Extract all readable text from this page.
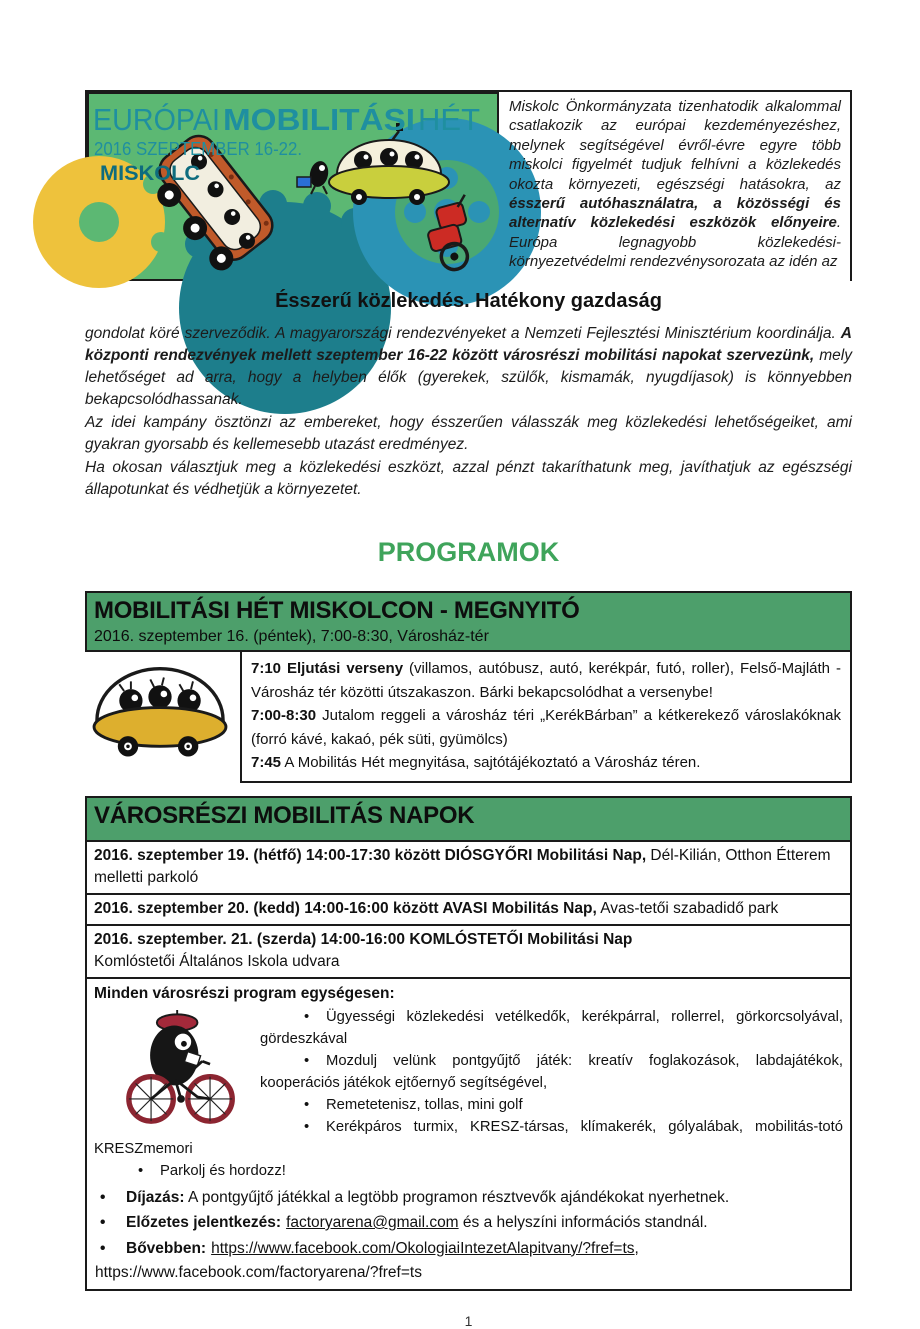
EURÓPAI MOBILITÁSI HÉT
2016 SZEPTEMBER 16-22.
MISKOLC
Miskolc Önkormányzata tizenhatodik alkalommal csatlakozik az európai kezdeményezéshez, melynek segítségével évről-évre egyre több miskolci figyelmét tudjuk felhívni a közlekedés okozta környezeti, egészségi hatásokra, az ésszerű autóhasználatra, a közösségi és alternatív közlekedési eszközök előnyeire. Európa legnagyobb közlekedési-környezetvédelmi rendezvénysorozata az idén az
Ésszerű közlekedés. Hatékony gazdaság
gondolat köré szerveződik. A magyarországi rendezvényeket a Nemzeti Fejlesztési Minisztérium koordinálja. A központi rendezvények mellett szeptember 16-22 között városrészi mobilitási napokat szervezünk, mely lehetőséget ad arra, hogy a helyben élők (gyerekek, szülők, kismamák, nyugdíjasok) is könnyebben bekapcsolódhassanak.
Az idei kampány ösztönzi az embereket, hogy ésszerűen válasszák meg közlekedési lehetőségeiket, ami gyakran gyorsabb és kellemesebb utazást eredményez.
Ha okosan választjuk meg a közlekedési eszközt, azzal pénzt takaríthatunk meg, javíthatjuk az egészségi állapotunkat és védhetjük a környezetet.
PROGRAMOK
MOBILITÁSI HÉT MISKOLCON - MEGNYITÓ
2016. szeptember 16. (péntek), 7:00-8:30, Városház-tér

7:10 Eljutási verseny (villamos, autóbusz, autó, kerékpár, futó, roller), Felső-Majláth - Városház tér közötti útszakaszon. Bárki bekapcsolódhat a versenybe!

7:00-8:30 Jutalom reggeli a városház téri „KerékBárban” a kétkerekező városlakóknak (forró kávé, kakaó, pék süti, gyümölcs)

7:45 A Mobilitás Hét megnyitása, sajtótájékoztató a Városház téren.

VÁROSRÉSZI MOBILITÁS NAPOK
2016. szeptember 19. (hétfő) 14:00-17:30 között DIÓSGYŐRI Mobilitási Nap, Dél-Kilián, Otthon Étterem melletti parkoló
2016. szeptember 20. (kedd) 14:00-16:00 között AVASI Mobilitás Nap, Avas-tetői szabadidő park
2016. szeptember. 21. (szerda) 14:00-16:00 KOMLÓSTETŐI Mobilitási Nap
Komlóstetői Általános Iskola udvara
Minden városrészi program egységesen:
• Ügyességi közlekedési vetélkedők, kerékpárral, rollerrel, görkorcsolyával, gördeszkával
• Mozdulj velünk pontgyűjtő játék: kreatív foglakozások, labdajátékok, kooperációs játékok ejtőernyő segítségével,
• Remetetenisz, tollas, mini golf
• Kerékpáros turmix, KRESZ-társas, klímakerék, gólyalábak, mobilitás-totó KRESZmemori
• Parkolj és hordozz!
• Díjazás: A pontgyűjtő játékkal a legtöbb programon résztvevők ajándékokat nyerhetnek.
• Előzetes jelentkezés: factoryarena@gmail.com és a helyszíni információs standnál.
• Bővebben: https://www.facebook.com/OkologiaiIntezetAlapitvany/?fref=ts,
https://www.facebook.com/factoryarena/?fref=ts
1
